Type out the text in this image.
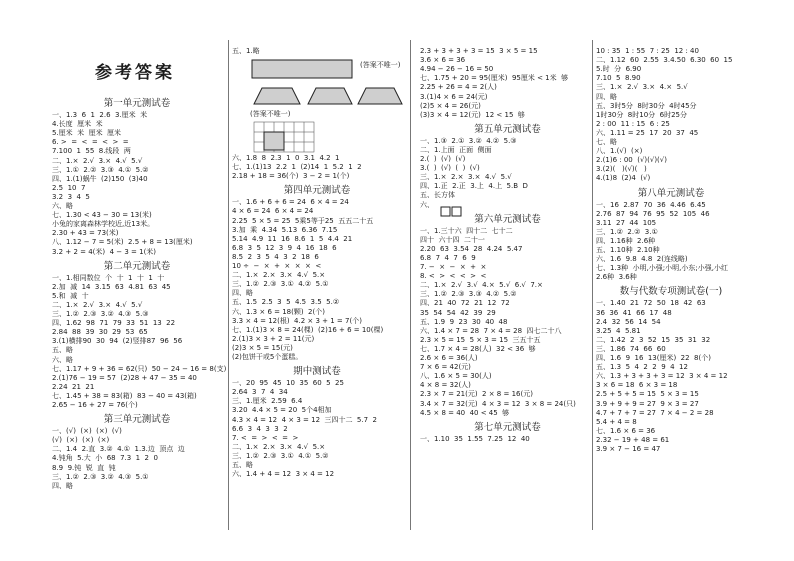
参考答案
第一单元测试卷
一、1.3  6  1  2.6  3.厘米  米
4.长度  厘米  米
5.厘米  米  厘米  厘米
6. >  =  <  =  <  >  =
7.100  1  55  8.线段  两
二、1.×  2.√  3.×  4.√  5.√
三、1.①  2.②  3.③  4.①  5.②
四、1.(1)蜗牛  (2)150  (3)40
2.5  10  7
3.2  3  4  5
六、略
七、1.30 < 43 − 30 = 13(米)
小兔的家离森林学校近,近13米。
2.30 + 43 = 73(米)
八、1.12 − 7 = 5(米)  2.5 + 8 = 13(厘米)
3.2 + 2 = 4(米)  4 − 3 = 1(米)
第二单元测试卷
一、1.相同数位  个  十  1  十  1  十
2.加  减  14  3.15  63  4.81  63  45
5.和  减  十
二、1.×  2.√  3.×  4.√  5.√
三、1.②  2.③  3.②  4.③  5.③
四、1.62  98  71  79  33  51  13  22
2.84  88  39  30  29  53  65
3.(1)横排90  30  94  (2)竖排87  96  56
五、略
六、略
七、1.17 + 9 + 36 = 62(只)  50 − 24 − 16 = 8(支)
2.(1)76 − 19 = 57  (2)28 + 47 − 35 = 40
2.24  21  21
七、1.45 + 38 = 83(箱)  83 − 40 = 43(箱)
2.65 − 16 + 27 = 76(个)
第三单元测试卷
一、(√)  (×)  (×)  (√)
(√)  (×)  (×)  (×)
二、1.4  2.直  3.②  4.①  1.3.边  顶点  边
4.钝角  5.大  小  68  7.3  1  2  0
8.9  9.钝  锐  直  钝
三、1.②  2.③  3.②  4.③  5.①
四、略
五、1.略
(答案不唯一)
(答案不唯一)
六、1.8  8  2.3  1  0  3.1  4.2  1
七、1.(1)13  2.2  1  (2)14  1  5.2  1  2
2.18 + 18 = 36(个)  3 − 2 = 1(个)
第四单元测试卷
一、1.6 + 6 + 6 = 24  6 × 4 = 24
4 × 6 = 24  6 × 4 = 24
2.25  5 × 5 = 25  5乘5等于25  五五二十五
3.加  乘  4.34  5.13  6.36  7.15
5.14  4.9  11  16  8.6  1  5  4.4  21
6.8  3  5  12  3  9  4  16  18  6
8.5  2  3  5  4  3  2  18  6
10 ÷  −  ×  +  ×  ×  ×  <
二、1.×  2.×  3.×  4.√  5.×
三、1.②  2.③  3.①  4.②  5.①
四、略
五、1.5  2.5  3  5  4.5  3.5  5.②
六、1.3 × 6 = 18(颗)  2(个)
3.3 × 4 = 12(根)  4.2 × 3 + 1 = 7(个)
七、1.(1)3 × 8 = 24(棵)  (2)16 + 6 = 10(棵)
2.(1)3 × 3 + 2 = 11(元)
(2)3 × 5 = 15(元)
(2)包饼干或5个蛋糕。
期中测试卷
一、20  95  45  10  35  60  5  25
2.64  3  7  4  34
三、1.厘米  2.59  6.4
3.20  4.4 × 5 = 20  5个4相加
4.3 × 4 = 12  4 × 3 = 12  三四十二  5.7  2
6.6  3  4  3  3  2
7. <  =  >  <  =  >
二、1.×  2.×  3.×  4.√  5.×
三、1.②  2.③  3.①  4.①  5.②
五、略
六、1.4 + 4 = 12  3 × 4 = 12
2.3 + 3 + 3 + 3 = 15  3 × 5 = 15
3.6 × 6 = 36
4.94 − 26 − 16 = 50
七、1.75 + 20 = 95(厘米)  95厘米 < 1米  够
2.25 + 26 = 4 = 2(人)
3.(1)4 × 6 = 24(元)
(2)5 × 4 = 26(元)
(3)3 × 4 = 12(元)  12 < 15  够
第五单元测试卷
一、1.③  2.①  3.②  4.②  5.③
二、1.上面  正面  侧面
2.(  )  (√)  (√)
3.(  )  (√)  (  )  (√)
三、1.×  2.×  3.×  4.√  5.√
四、1.正  2.正  3.上  4.上  5.B  D
五、长方体
六、
第六单元测试卷
一、1.三十六  四十二  七十二
四十  六十四  二十一
2.20  63  3.54  28  4.24  5.47
6.8  7  4  7  6  9
7. −  ×  −  ×  +  ×
8. <  >  <  <  >  <
二、1.×  2.√  3.√  4.×  5.√  6.√  7.×
三、1.②  2.③  3.③  4.②  5.②
四、21  40  72  21  12  72
35  54  54  42  39  29
五、1.9  9  23  30  40  48
六、1.4 × 7 = 28  7 × 4 = 28  四七二十八
2.3 × 5 = 15  5 × 3 = 15  三五十五
七、1.7 × 4 = 28(人)  32 < 36  够
2.6 × 6 = 36(人)
7 × 6 = 42(元)
八、1.6 × 5 = 30(人)
4 × 8 = 32(人)
2.3 × 7 = 21(元)  2 × 8 = 16(元)
3.4 × 7 = 32(元)  4 × 3 = 12  3 × 8 = 24(只)
4.5 × 8 = 40  40 < 45  够
第七单元测试卷
一、1.10  35  1.55  7.25  12  40
10 : 35  1 : 55  7 : 25  12 : 40
二、1.12  60  2.55  3.4.50  6.30  60  15
5.时  分  6.90
7.10  5  8.90
三、1.×  2.√  3.×  4.×  5.√
四、略
五、3时5分  8时30分  4时45分
1时30分  8时10分  6时25分
2 : 00  11 : 15  6 : 25
六、1.11 = 25  17  20  37  45
七、略
八、1.(√)  (×)
2.(1)6 : 00  (√)(√)(√)
3.(2)(   )(√)(   )
4.(1)8  (2)4  (√)
第八单元测试卷
一、16  2.87  70  36  4.46  6.45
2.76  87  94  76  95  52  105  46
3.11  27  44  105
三、1.②  2.②  3.①
四、1.16种  2.6种
五、1.10种  2.10种
六、1.6  9.8  4.8  2(连线略)
七、1.3种  小明,小强;小明,小东;小强,小红
2.6种  3.6种
数与代数专项测试卷(一)
一、1.40  21  72  50  18  42  63
36  36  41  66  17  48
2.4  32  56  14  54
3.25  4  5.81
二、1.42  2  3  52  15  35  31  32
三、1.86  74  66  60
四、1.6  9  16  13(厘米)  22  8(个)
五、1.3  5  4  2  2  9  4  12
六、1.3 + 3 + 3 + 3 = 12  3 × 4 = 12
3 × 6 = 18  6 × 3 = 18
2.5 + 5 + 5 = 15  5 × 3 = 15
3.9 + 9 + 9 = 27  9 × 3 = 27
4.7 + 7 + 7 = 27  7 × 4 − 2 = 28
5.4 + 4 = 8
七、1.6 × 6 = 36
2.32 − 19 + 48 = 61
3.9 × 7 − 16 = 47
